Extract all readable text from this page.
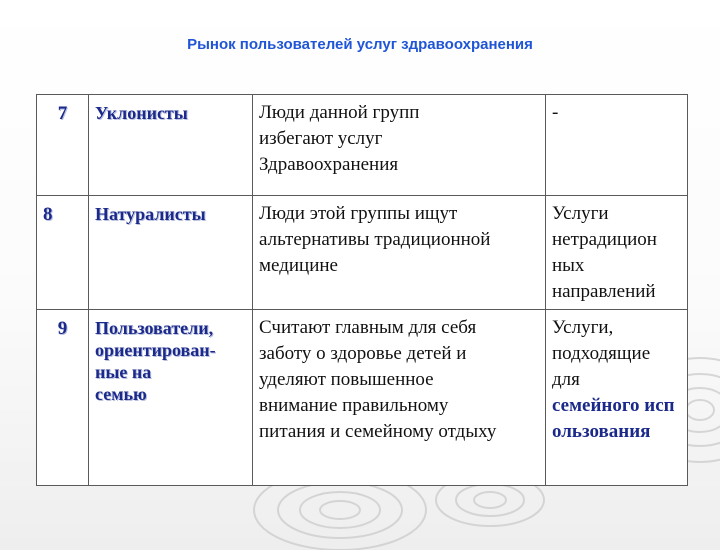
Рынок пользователей услуг здравоохранения
7	Уклонисты	Люди данной групп
избегают услуг
Здравоохранения	-

8	Натуралисты	Люди этой группы ищут
альтернативы традиционной
медицине	Услуги
нетрадицион
ных
направлений

9	Пользователи,
ориентирован-
ные на
семью	Считают главным для себя
заботу о здоровье детей и
уделяют повышенное
внимание правильному
питания и семейному отдыху	Услуги,
подходящие
для
семейного использования
